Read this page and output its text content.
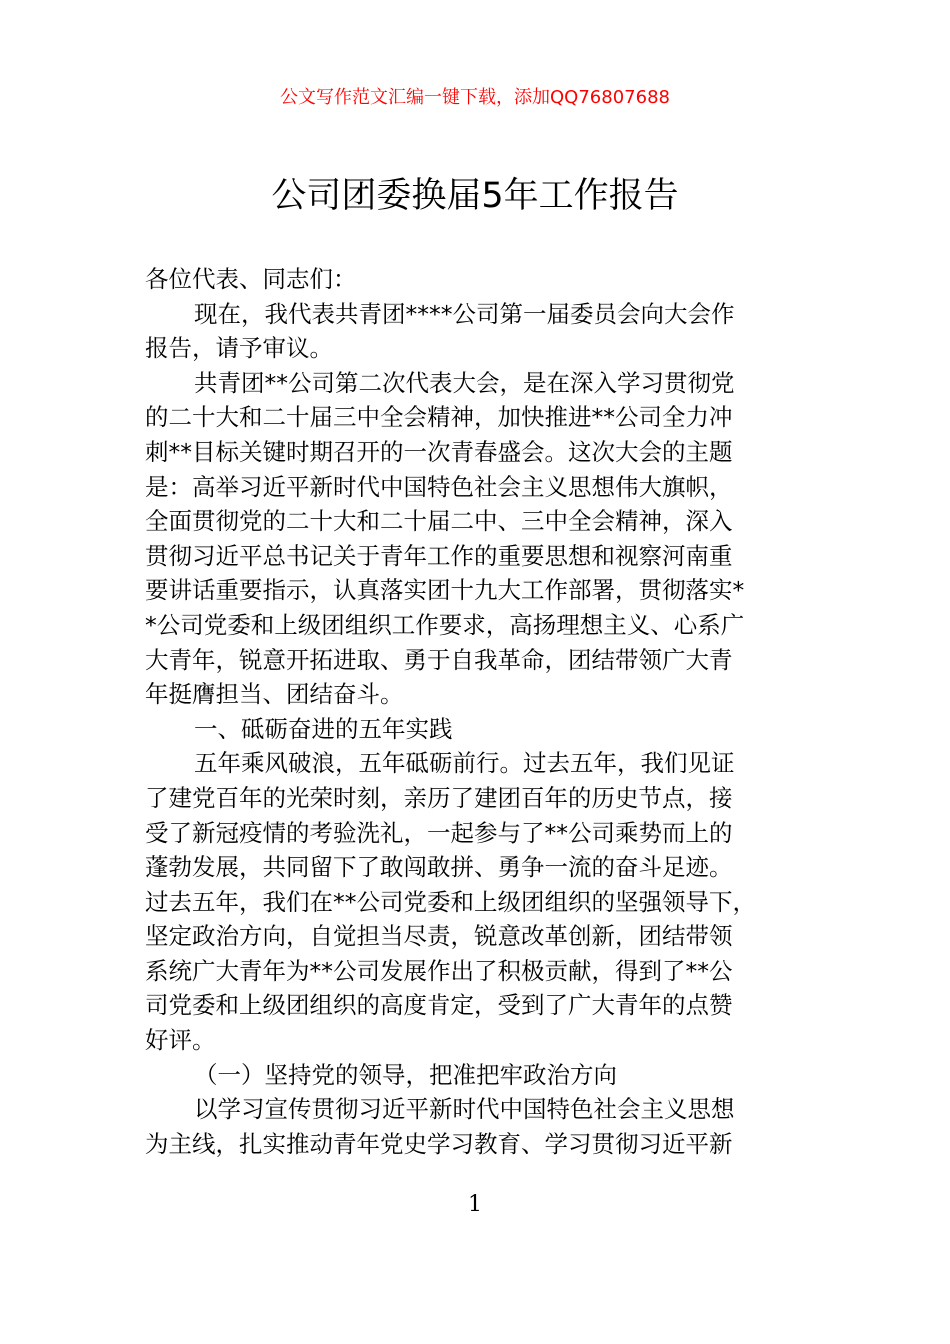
公文写作范文汇编一键下载，添加QQ76807688
公司团委换届5年工作报告
各位代表、同志们：
现在，我代表共青团****公司第一届委员会向大会作
报告，请予审议。
共青团**公司第二次代表大会，是在深入学习贯彻党
的二十大和二十届三中全会精神，加快推进**公司全力冲
刺**目标关键时期召开的一次青春盛会。这次大会的主题
是：高举习近平新时代中国特色社会主义思想伟大旗帜，
全面贯彻党的二十大和二十届二中、三中全会精神，深入
贯彻习近平总书记关于青年工作的重要思想和视察河南重
要讲话重要指示，认真落实团十九大工作部署，贯彻落实*
*公司党委和上级团组织工作要求，高扬理想主义、心系广
大青年，锐意开拓进取、勇于自我革命，团结带领广大青
年挺膺担当、团结奋斗。
一、砥砺奋进的五年实践
五年乘风破浪，五年砥砺前行。过去五年，我们见证
了建党百年的光荣时刻，亲历了建团百年的历史节点，接
受了新冠疫情的考验洗礼，一起参与了**公司乘势而上的
蓬勃发展，共同留下了敢闯敢拼、勇争一流的奋斗足迹。
过去五年，我们在**公司党委和上级团组织的坚强领导下，
坚定政治方向，自觉担当尽责，锐意改革创新，团结带领
系统广大青年为**公司发展作出了积极贡献，得到了**公
司党委和上级团组织的高度肯定，受到了广大青年的点赞
好评。
（一）坚持党的领导，把准把牢政治方向
以学习宣传贯彻习近平新时代中国特色社会主义思想
为主线，扎实推动青年党史学习教育、学习贯彻习近平新
1
